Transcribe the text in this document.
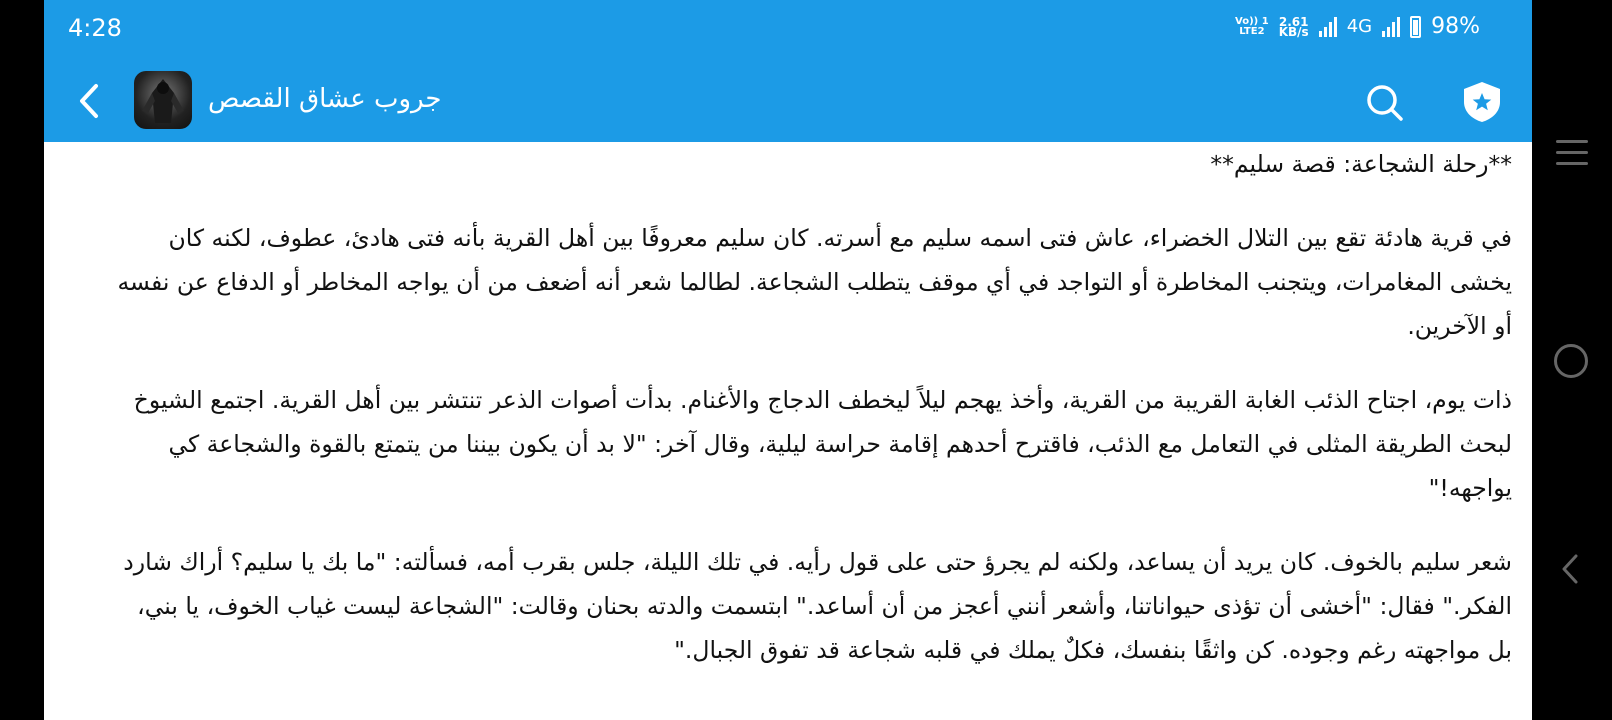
4:28	Vo)) 1
LTE2
2.61
KB/s 4G	98%
جروب عشاق القصص

**رحلة الشجاعة: قصة سليم**

في قرية هادئة تقع بين التلال الخضراء، عاش فتى اسمه سليم مع أسرته. كان سليم معروفًا بين أهل القرية بأنه فتى هادئ، عطوف، لكنه كان يخشى المغامرات، ويتجنب المخاطرة أو التواجد في أي موقف يتطلب الشجاعة. لطالما شعر أنه أضعف من أن يواجه المخاطر أو الدفاع عن نفسه أو الآخرين.

ذات يوم، اجتاح الذئب الغابة القريبة من القرية، وأخذ يهجم ليلاً ليخطف الدجاج والأغنام. بدأت أصوات الذعر تنتشر بين أهل القرية. اجتمع الشيوخ لبحث الطريقة المثلى في التعامل مع الذئب، فاقترح أحدهم إقامة حراسة ليلية، وقال آخر: "لا بد أن يكون بيننا من يتمتع بالقوة والشجاعة كي يواجهه!"

شعر سليم بالخوف. كان يريد أن يساعد، ولكنه لم يجرؤ حتى على قول رأيه. في تلك الليلة، جلس بقرب أمه، فسألته: "ما بك يا سليم؟ أراك شارد الفكر." فقال: "أخشى أن تؤذى حيواناتنا، وأشعر أنني أعجز من أن أساعد." ابتسمت والدته بحنان وقالت: "الشجاعة ليست غياب الخوف، يا بني، بل مواجهته رغم وجوده. كن واثقًا بنفسك، فكلٌ يملك في قلبه شجاعة قد تفوق الجبال."
